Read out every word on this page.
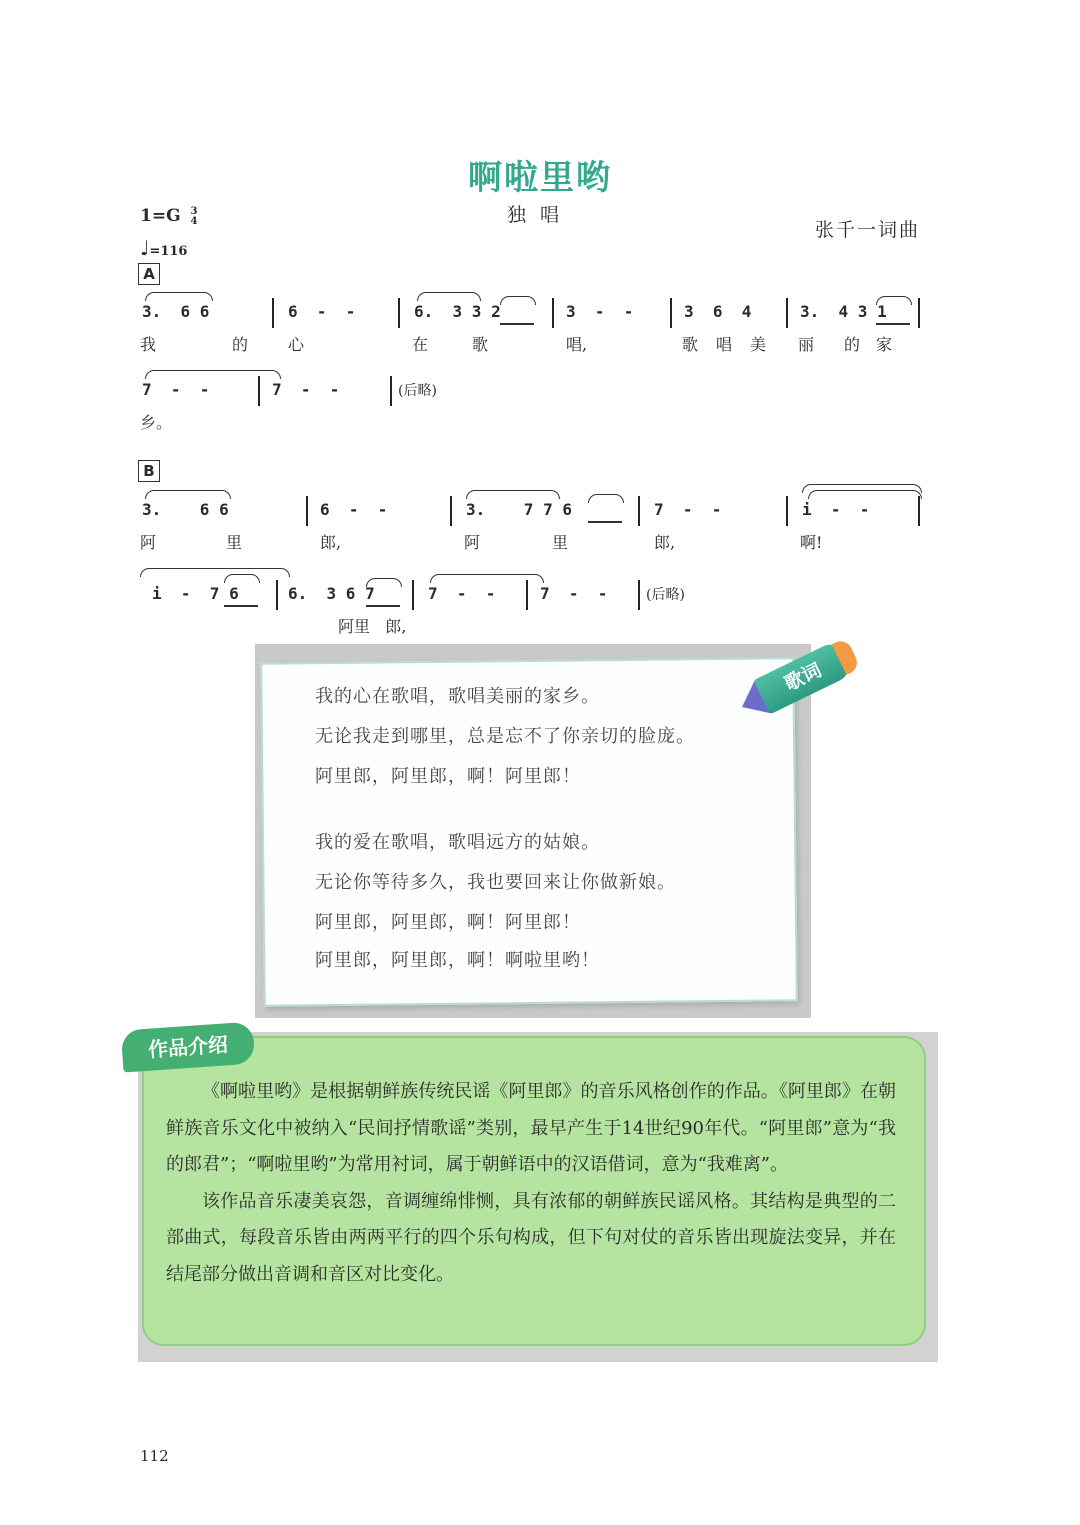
啊啦里哟
独唱
张千一词曲
1=G 3
4
♩=116
A
3.  6 6	6  -  -	6.  3 3 2	3  -  -	3  6  4	3.  4 3 1
我	的 心	在	歌	唱,	歌 唱 美 丽 的 家
7  -  -	7  -  -	(后略)
乡。
B
3.    6 6	6  -  -	3.    7 7 6	7  -  -	i  -  -
阿	里	郎,	阿	里	郎,	啊!
i  -  7 6	6.  3 6 7	7  -  -	7  -  -	(后略)
阿里   郎,
我的心在歌唱，歌唱美丽的家乡。
无论我走到哪里，总是忘不了你亲切的脸庞。
阿里郎，阿里郎，啊！阿里郎！
我的爱在歌唱，歌唱远方的姑娘。
无论你等待多久，我也要回来让你做新娘。
阿里郎，阿里郎，啊！阿里郎！
阿里郎，阿里郎，啊！啊啦里哟！
歌词
作品介绍

《啊啦里哟》是根据朝鲜族传统民谣《阿里郎》的音乐风格创作的作品。《阿里郎》在朝鲜族音乐文化中被纳入“民间抒情歌谣”类别，最早产生于14世纪90年代。“阿里郎”意为“我的郎君”；“啊啦里哟”为常用衬词，属于朝鲜语中的汉语借词，意为“我难离”。

该作品音乐凄美哀怨，音调缠绵悱恻，具有浓郁的朝鲜族民谣风格。其结构是典型的二部曲式，每段音乐皆由两两平行的四个乐句构成，但下句对仗的音乐皆出现旋法变异，并在结尾部分做出音调和音区对比变化。

112
